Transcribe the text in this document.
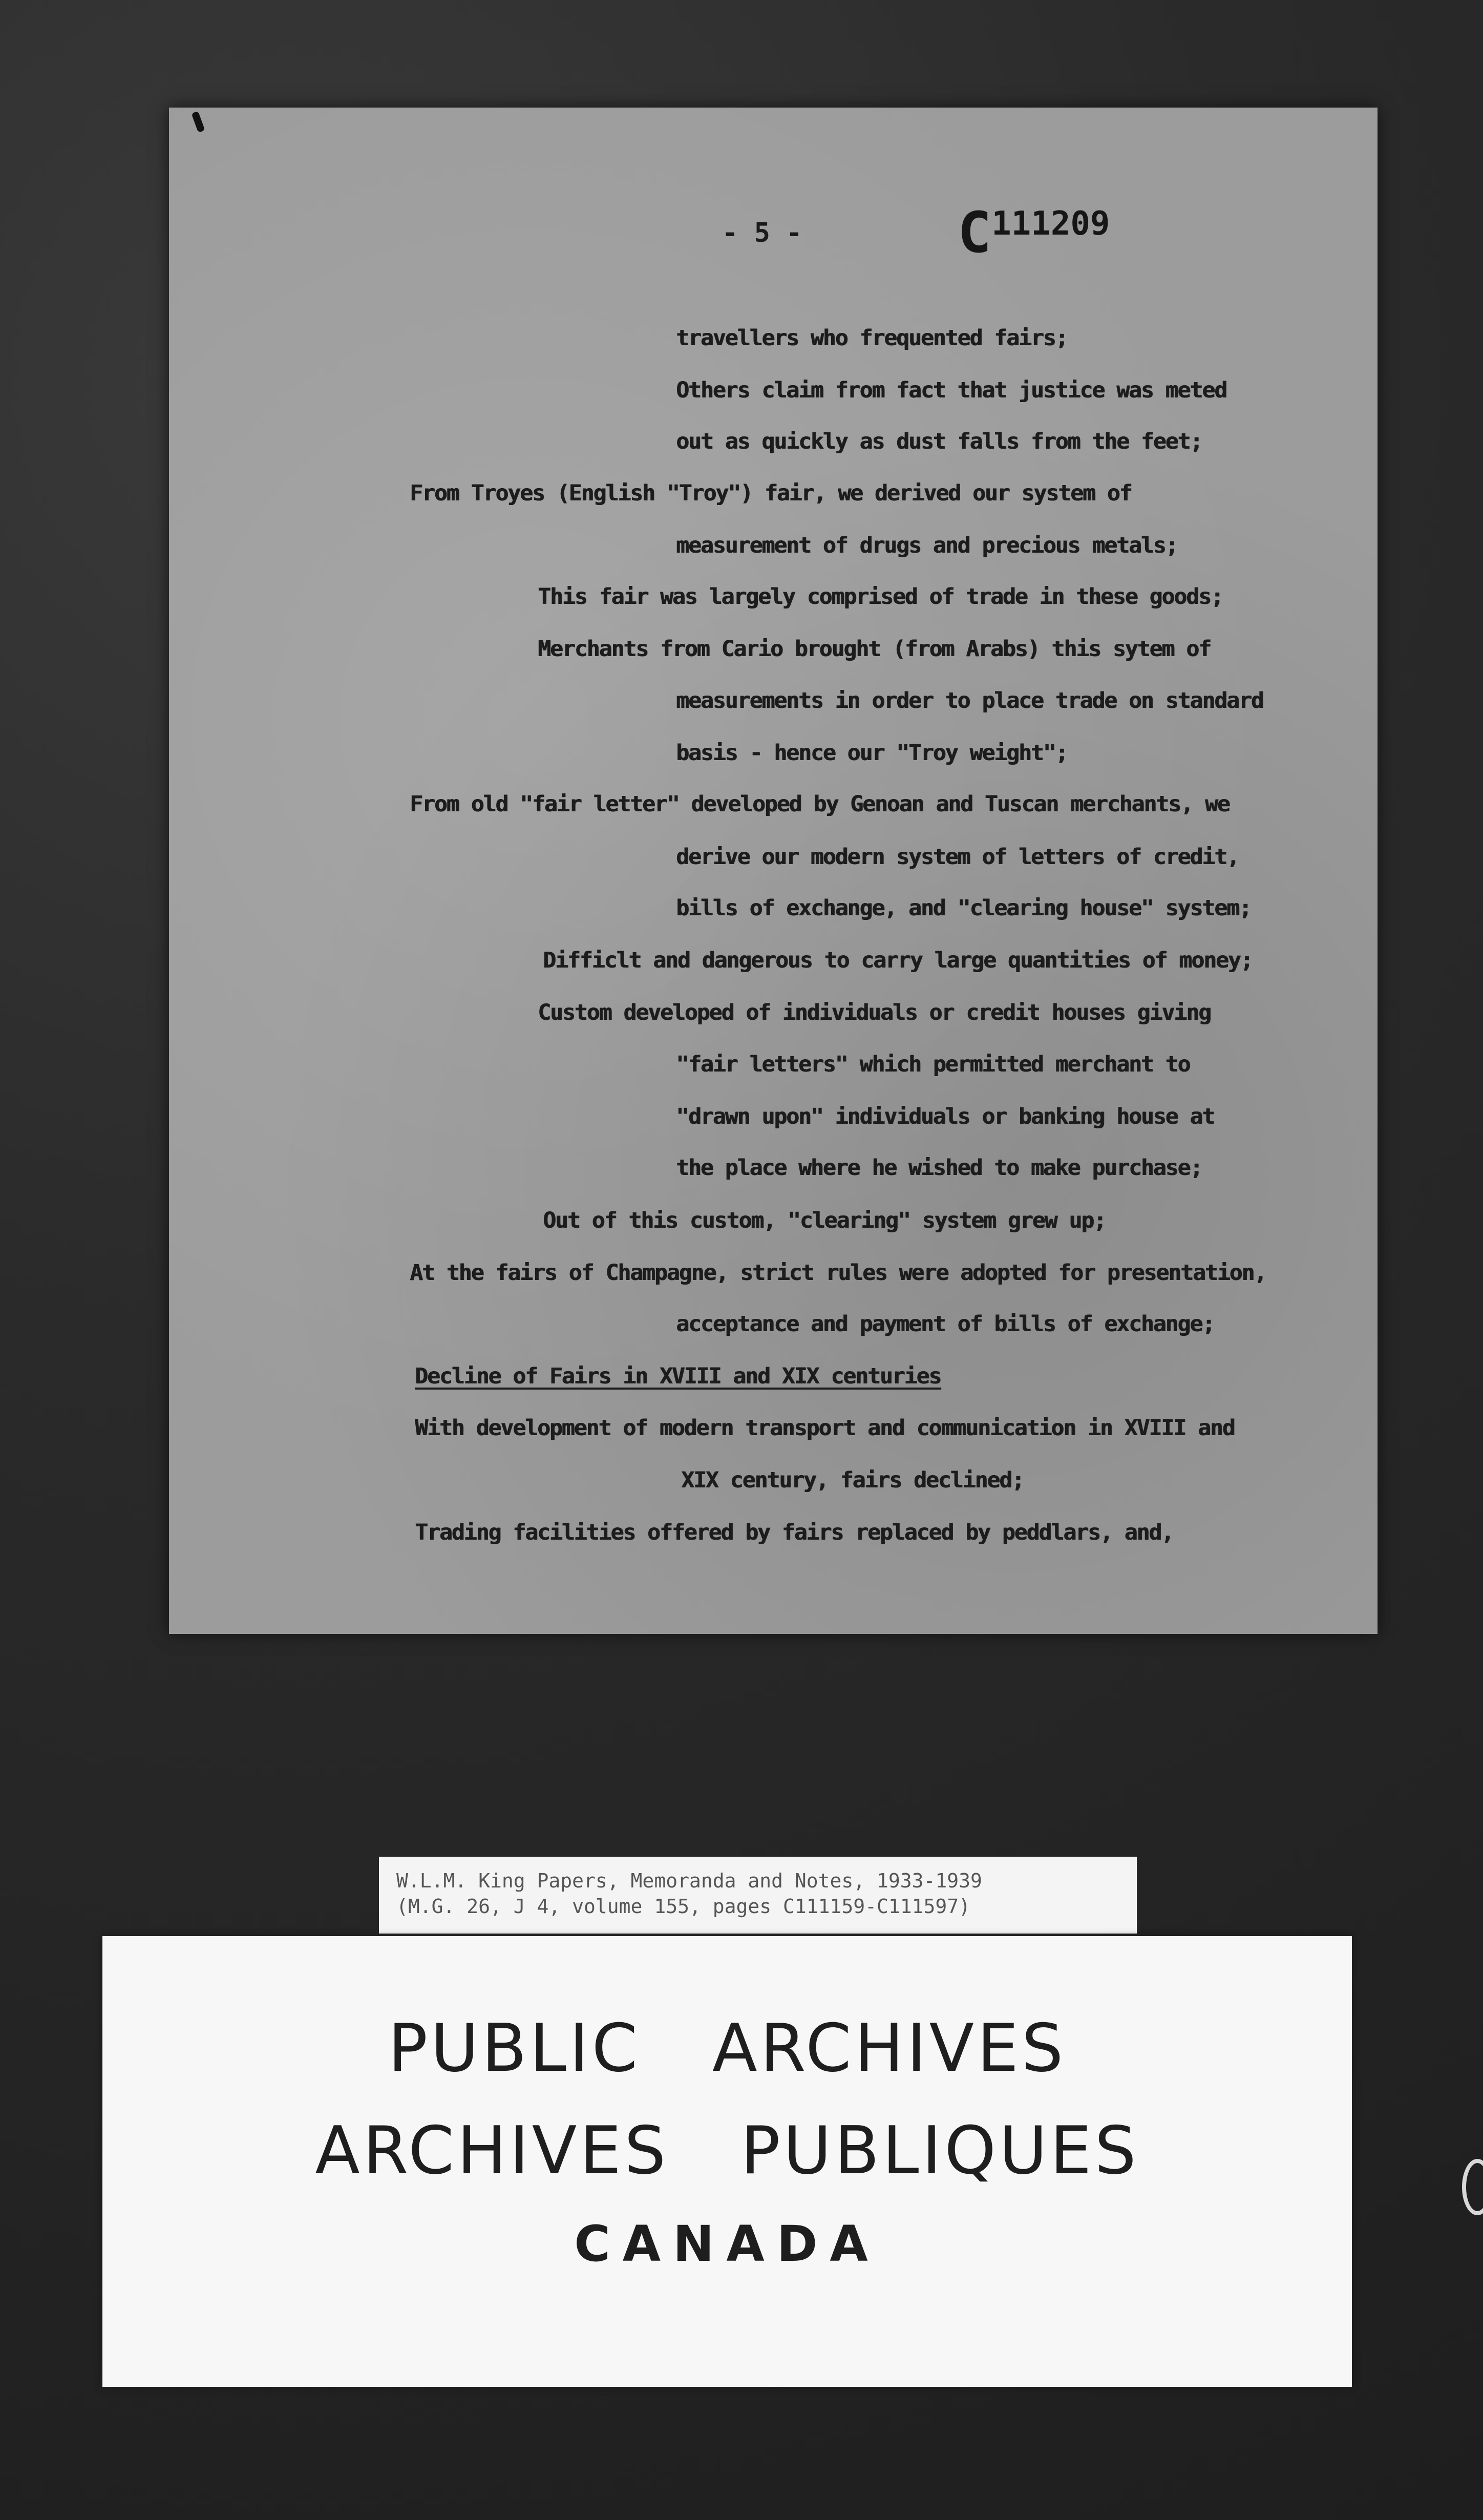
- 5 -	C111209
travellers who frequented fairs;
Others claim from fact that justice was meted
out as quickly as dust falls from the feet;
From Troyes (English "Troy") fair, we derived our system of
measurement of drugs and precious metals;
This fair was largely comprised of trade in these goods;
Merchants from Cario brought (from Arabs) this sytem of
measurements in order to place trade on standard
basis - hence our "Troy weight";
From old "fair letter" developed by Genoan and Tuscan merchants, we
derive our modern system of letters of credit,
bills of exchange, and "clearing house" system;
Difficlt and dangerous to carry large quantities of money;
Custom developed of individuals or credit houses giving
"fair letters" which permitted merchant to
"drawn upon" individuals or banking house at
the place where he wished to make purchase;
Out of this custom, "clearing" system grew up;
At the fairs of Champagne, strict rules were adopted for presentation,
acceptance and payment of bills of exchange;
Decline of Fairs in XVIII and XIX centuries
With development of modern transport and communication in XVIII and
XIX century, fairs declined;
Trading facilities offered by fairs replaced by peddlars, and,
W.L.M. King Papers, Memoranda and Notes, 1933-1939
(M.G. 26, J 4, volume 155, pages C111159-C111597)
PUBLIC   ARCHIVES
ARCHIVES   PUBLIQUES
CANADA
